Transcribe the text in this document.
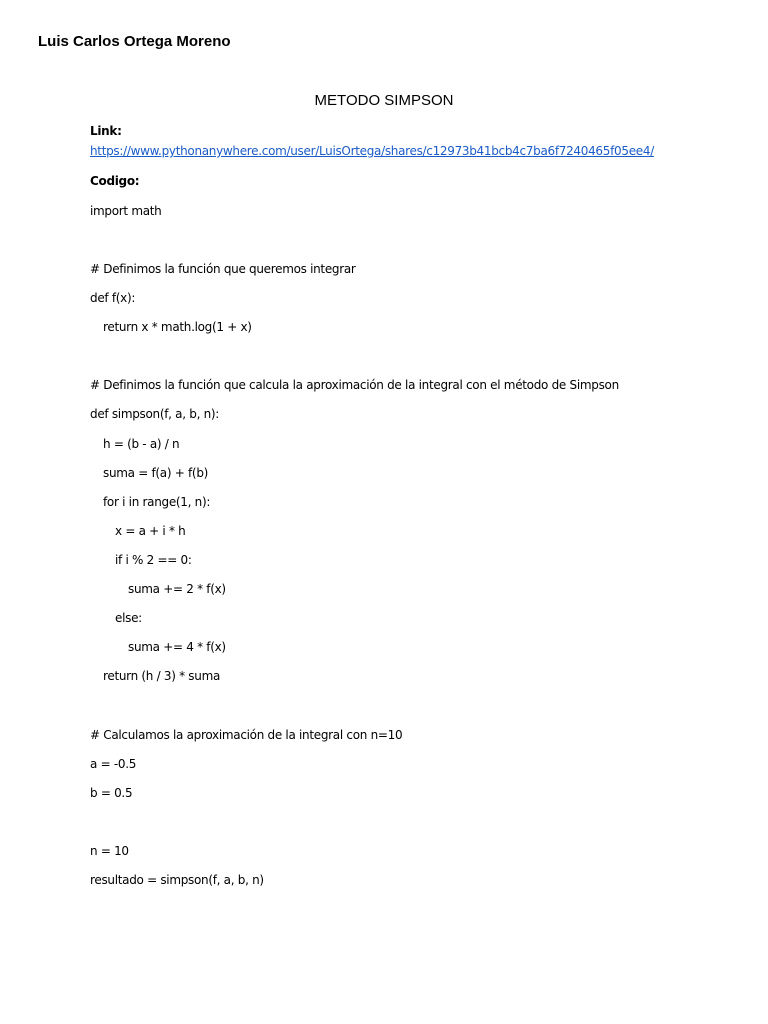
Luis Carlos Ortega Moreno
METODO SIMPSON
Link:
https://www.pythonanywhere.com/user/LuisOrtega/shares/c12973b41bcb4c7ba6f7240465f05ee4/
Codigo:
import math
# Definimos la función que queremos integrar
def f(x):
return x * math.log(1 + x)
# Definimos la función que calcula la aproximación de la integral con el método de Simpson
def simpson(f, a, b, n):
h = (b - a) / n
suma = f(a) + f(b)
for i in range(1, n):
x = a + i * h
if i % 2 == 0:
suma += 2 * f(x)
else:
suma += 4 * f(x)
return (h / 3) * suma
# Calculamos la aproximación de la integral con n=10
a = -0.5
b = 0.5
n = 10
resultado = simpson(f, a, b, n)
